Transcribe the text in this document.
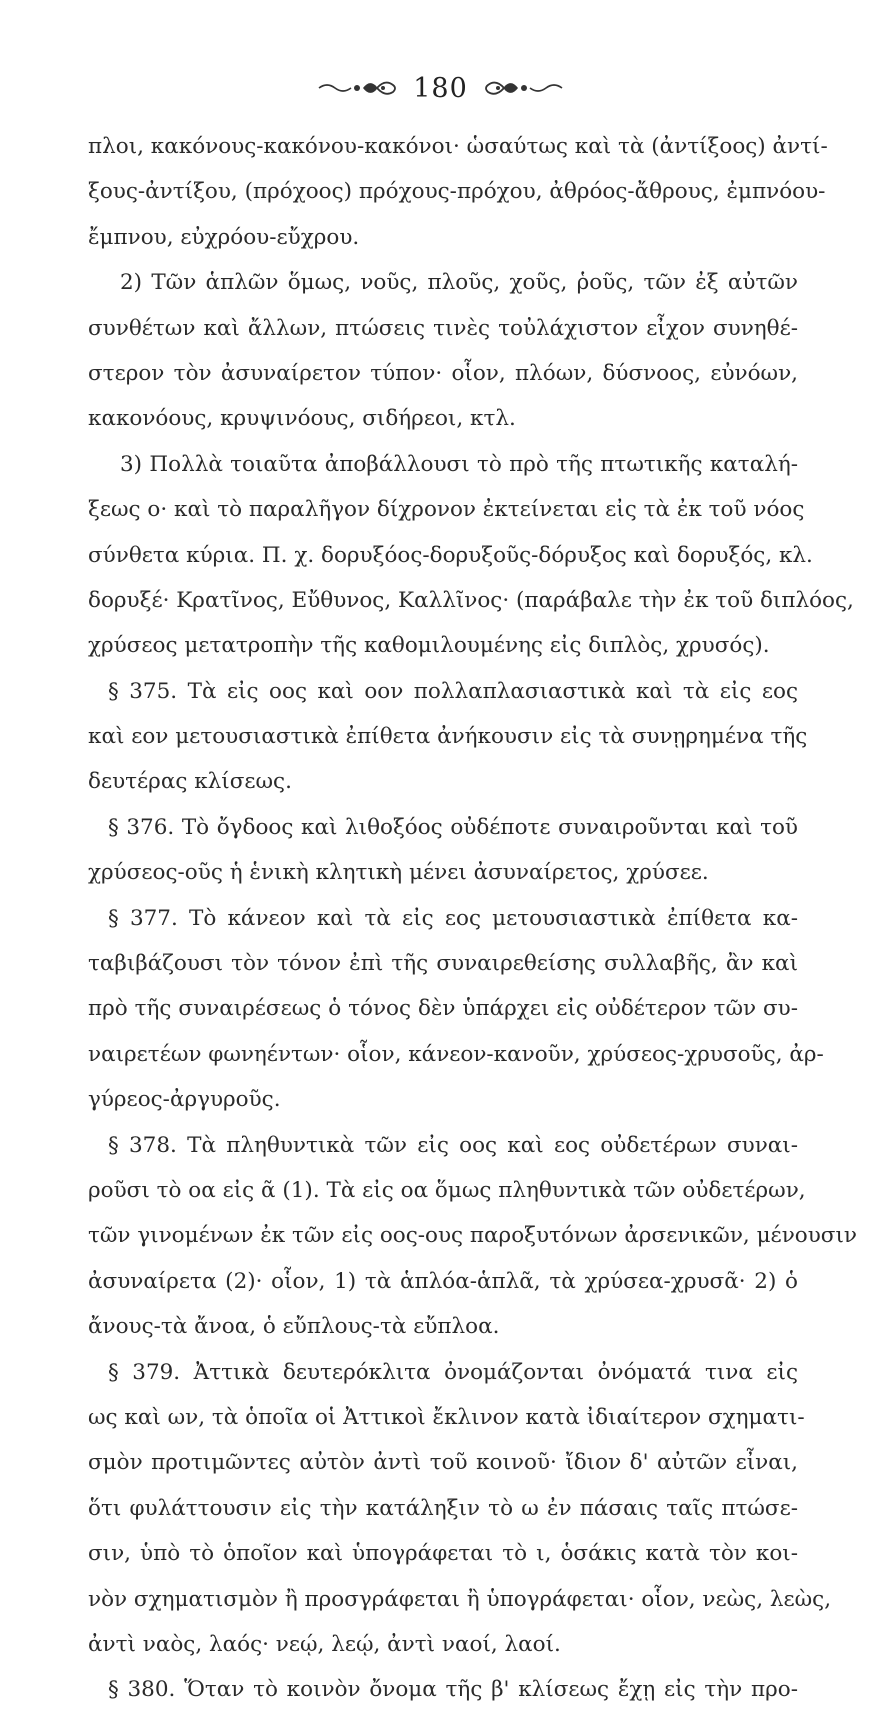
180
πλοι, κακόνους-κακόνου-κακόνοι· ὡσαύτως καὶ τὰ (ἀντίξοος) ἀντί-
ξους-ἀντίξου, (πρόχοος) πρόχους-πρόχου, ἀθρόος-ἄθρους, ἐμπνόου-
ἔμπνου, εὐχρόου-εὔχρου.
2) Τῶν ἁπλῶν ὅμως, νοῦς, πλοῦς, χοῦς, ῥοῦς, τῶν ἐξ αὐτῶν
συνθέτων καὶ ἄλλων, πτώσεις τινὲς τοὐλάχιστον εἶχον συνηθέ-
στερον τὸν ἀσυναίρετον τύπον· οἷον, πλόων, δύσνοος, εὐνόων,
κακονόους, κρυψινόους, σιδήρεοι, κτλ.
3) Πολλὰ τοιαῦτα ἀποβάλλουσι τὸ πρὸ τῆς πτωτικῆς καταλή-
ξεως ο· καὶ τὸ παραλῆγον δίχρονον ἐκτείνεται εἰς τὰ ἐκ τοῦ νόος
σύνθετα κύρια. Π. χ. δορυξόος-δορυξοῦς-δόρυξος καὶ δορυξός, κλ.
δορυξέ· Κρατῖνος, Εὔθυνος, Καλλῖνος· (παράβαλε τὴν ἐκ τοῦ διπλόος,
χρύσεος μετατροπὴν τῆς καθομιλουμένης εἰς διπλὸς, χρυσός).
§ 375. Τὰ εἰς οος καὶ οον πολλαπλασιαστικὰ καὶ τὰ εἰς εος
καὶ εον μετουσιαστικὰ ἐπίθετα ἀνήκουσιν εἰς τὰ συνῃρημένα τῆς
δευτέρας κλίσεως.
§ 376. Τὸ ὄγδοος καὶ λιθοξόος οὐδέποτε συναιροῦνται καὶ τοῦ
χρύσεος-οῦς ἡ ἑνικὴ κλητικὴ μένει ἀσυναίρετος, χρύσεε.
§ 377. Τὸ κάνεον καὶ τὰ εἰς εος μετουσιαστικὰ ἐπίθετα κα-
ταβιβάζουσι τὸν τόνον ἐπὶ τῆς συναιρεθείσης συλλαβῆς, ἂν καὶ
πρὸ τῆς συναιρέσεως ὁ τόνος δὲν ὑπάρχει εἰς οὐδέτερον τῶν συ-
ναιρετέων φωνηέντων· οἷον, κάνεον-κανοῦν, χρύσεος-χρυσοῦς, ἀρ-
γύρεος-ἀργυροῦς.
§ 378. Τὰ πληθυντικὰ τῶν εἰς οος καὶ εος οὐδετέρων συναι-
ροῦσι τὸ οα εἰς ᾶ (1). Τὰ εἰς οα ὅμως πληθυντικὰ τῶν οὐδετέρων,
τῶν γινομένων ἐκ τῶν εἰς οος-ους παροξυτόνων ἀρσενικῶν, μένουσιν
ἀσυναίρετα (2)· οἷον, 1) τὰ ἁπλόα-ἁπλᾶ, τὰ χρύσεα-χρυσᾶ· 2) ὁ
ἄνους-τὰ ἄνοα, ὁ εὔπλους-τὰ εὔπλοα.
§ 379. Ἀττικὰ δευτερόκλιτα ὀνομάζονται ὀνόματά τινα εἰς
ως καὶ ων, τὰ ὁποῖα οἱ Ἀττικοὶ ἔκλινον κατὰ ἰδιαίτερον σχηματι-
σμὸν προτιμῶντες αὐτὸν ἀντὶ τοῦ κοινοῦ· ἴδιον δ' αὐτῶν εἶναι,
ὅτι φυλάττουσιν εἰς τὴν κατάληξιν τὸ ω ἐν πάσαις ταῖς πτώσε-
σιν, ὑπὸ τὸ ὁποῖον καὶ ὑπογράφεται τὸ ι, ὁσάκις κατὰ τὸν κοι-
νὸν σχηματισμὸν ἢ προσγράφεται ἢ ὑπογράφεται· οἷον, νεὼς, λεὼς,
ἀντὶ ναὸς, λαός· νεῴ, λεῴ, ἀντὶ ναοί, λαοί.
§ 380. Ὅταν τὸ κοινὸν ὄνομα τῆς β' κλίσεως ἔχῃ εἰς τὴν προ-
